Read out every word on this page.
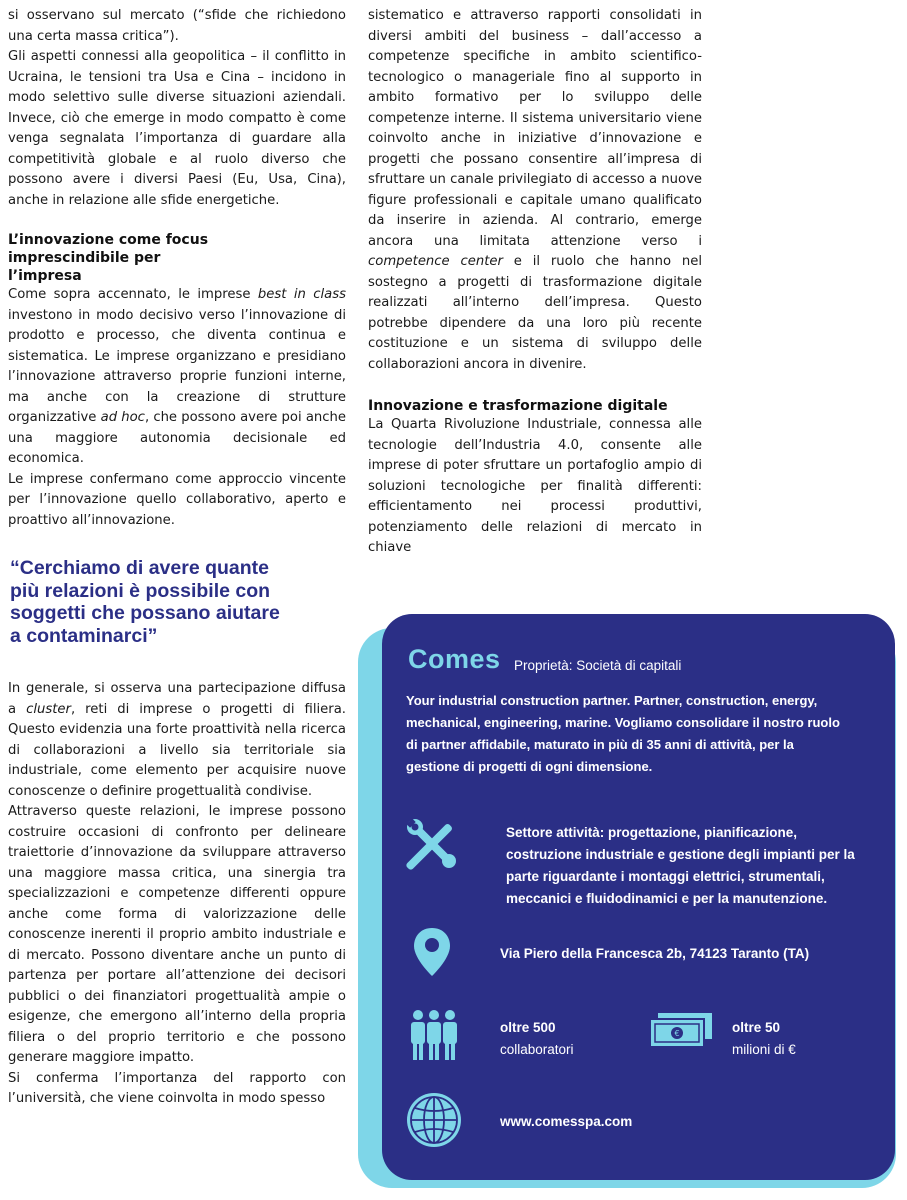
si osservano sul mercato (“sfide che richiedono una certa massa critica”).

Gli aspetti connessi alla geopolitica – il conflitto in Ucraina, le tensioni tra Usa e Cina – incidono in modo selettivo sulle diverse situazioni aziendali. Invece, ciò che emerge in modo compatto è come venga segnalata l’importanza di guardare alla competitività globale e al ruolo diverso che possono avere i diversi Paesi (Eu, Usa, Cina), anche in relazione alle sfide energetiche.

L’innovazione come focus imprescindibile per l’impresa

Come sopra accennato, le imprese best in class investono in modo decisivo verso l’innovazione di prodotto e processo, che diventa continua e sistematica. Le imprese organizzano e presidiano l’innovazione attraverso proprie funzioni interne, ma anche con la creazione di strutture organizzative ad hoc, che possono avere poi anche una maggiore autonomia decisionale ed economica.

Le imprese confermano come approccio vincente per l’innovazione quello collaborativo, aperto e proattivo all’innovazione.

“Cerchiamo di avere quante più relazioni è possibile con soggetti che possano aiutare a contaminarci”

In generale, si osserva una partecipazione diffusa a cluster, reti di imprese o progetti di filiera. Questo evidenzia una forte proattività nella ricerca di collaborazioni a livello sia territoriale sia industriale, come elemento per acquisire nuove conoscenze o definire progettualità condivise.

Attraverso queste relazioni, le imprese possono costruire occasioni di confronto per delineare traiettorie d’innovazione da sviluppare attraverso una maggiore massa critica, una sinergia tra specializzazioni e competenze differenti oppure anche come forma di valorizzazione delle conoscenze inerenti il proprio ambito industriale e di mercato. Possono diventare anche un punto di partenza per portare all’attenzione dei decisori pubblici o dei finanziatori progettualità ampie o esigenze, che emergono all’interno della propria filiera o del proprio territorio e che possono generare maggiore impatto.

Si conferma l’importanza del rapporto con l’università, che viene coinvolta in modo spesso

sistematico e attraverso rapporti consolidati in diversi ambiti del business – dall’accesso a competenze specifiche in ambito scientifico-tecnologico o manageriale fino al supporto in ambito formativo per lo sviluppo delle competenze interne. Il sistema universitario viene coinvolto anche in iniziative d’innovazione e progetti che possano consentire all’impresa di sfruttare un canale privilegiato di accesso a nuove figure professionali e capitale umano qualificato da inserire in azienda. Al contrario, emerge ancora una limitata attenzione verso i competence center e il ruolo che hanno nel sostegno a progetti di trasformazione digitale realizzati all’interno dell’impresa. Questo potrebbe dipendere da una loro più recente costituzione e un sistema di sviluppo delle collaborazioni ancora in divenire.

Innovazione e trasformazione digitale

La Quarta Rivoluzione Industriale, connessa alle tecnologie dell’Industria 4.0, consente alle imprese di poter sfruttare un portafoglio ampio di soluzioni tecnologiche per finalità differenti: efficientamento nei processi produttivi, potenziamento delle relazioni di mercato in chiave

Comes Proprietà: Società di capitali
Your industrial construction partner. Partner, construction, energy, mechanical, engineering, marine. Vogliamo consolidare il nostro ruolo di partner affidabile, maturato in più di 35 anni di attività, per la gestione di progetti di ogni dimensione.
Settore attività: progettazione, pianificazione, costruzione industriale e gestione degli impianti per la parte riguardante i montaggi elettrici, strumentali, meccanici e fluidodinamici e per la manutenzione.
Via Piero della Francesca 2b, 74123 Taranto (TA)
oltre 500
collaboratori
€	oltre 50
milioni di €
www.comesspa.com
